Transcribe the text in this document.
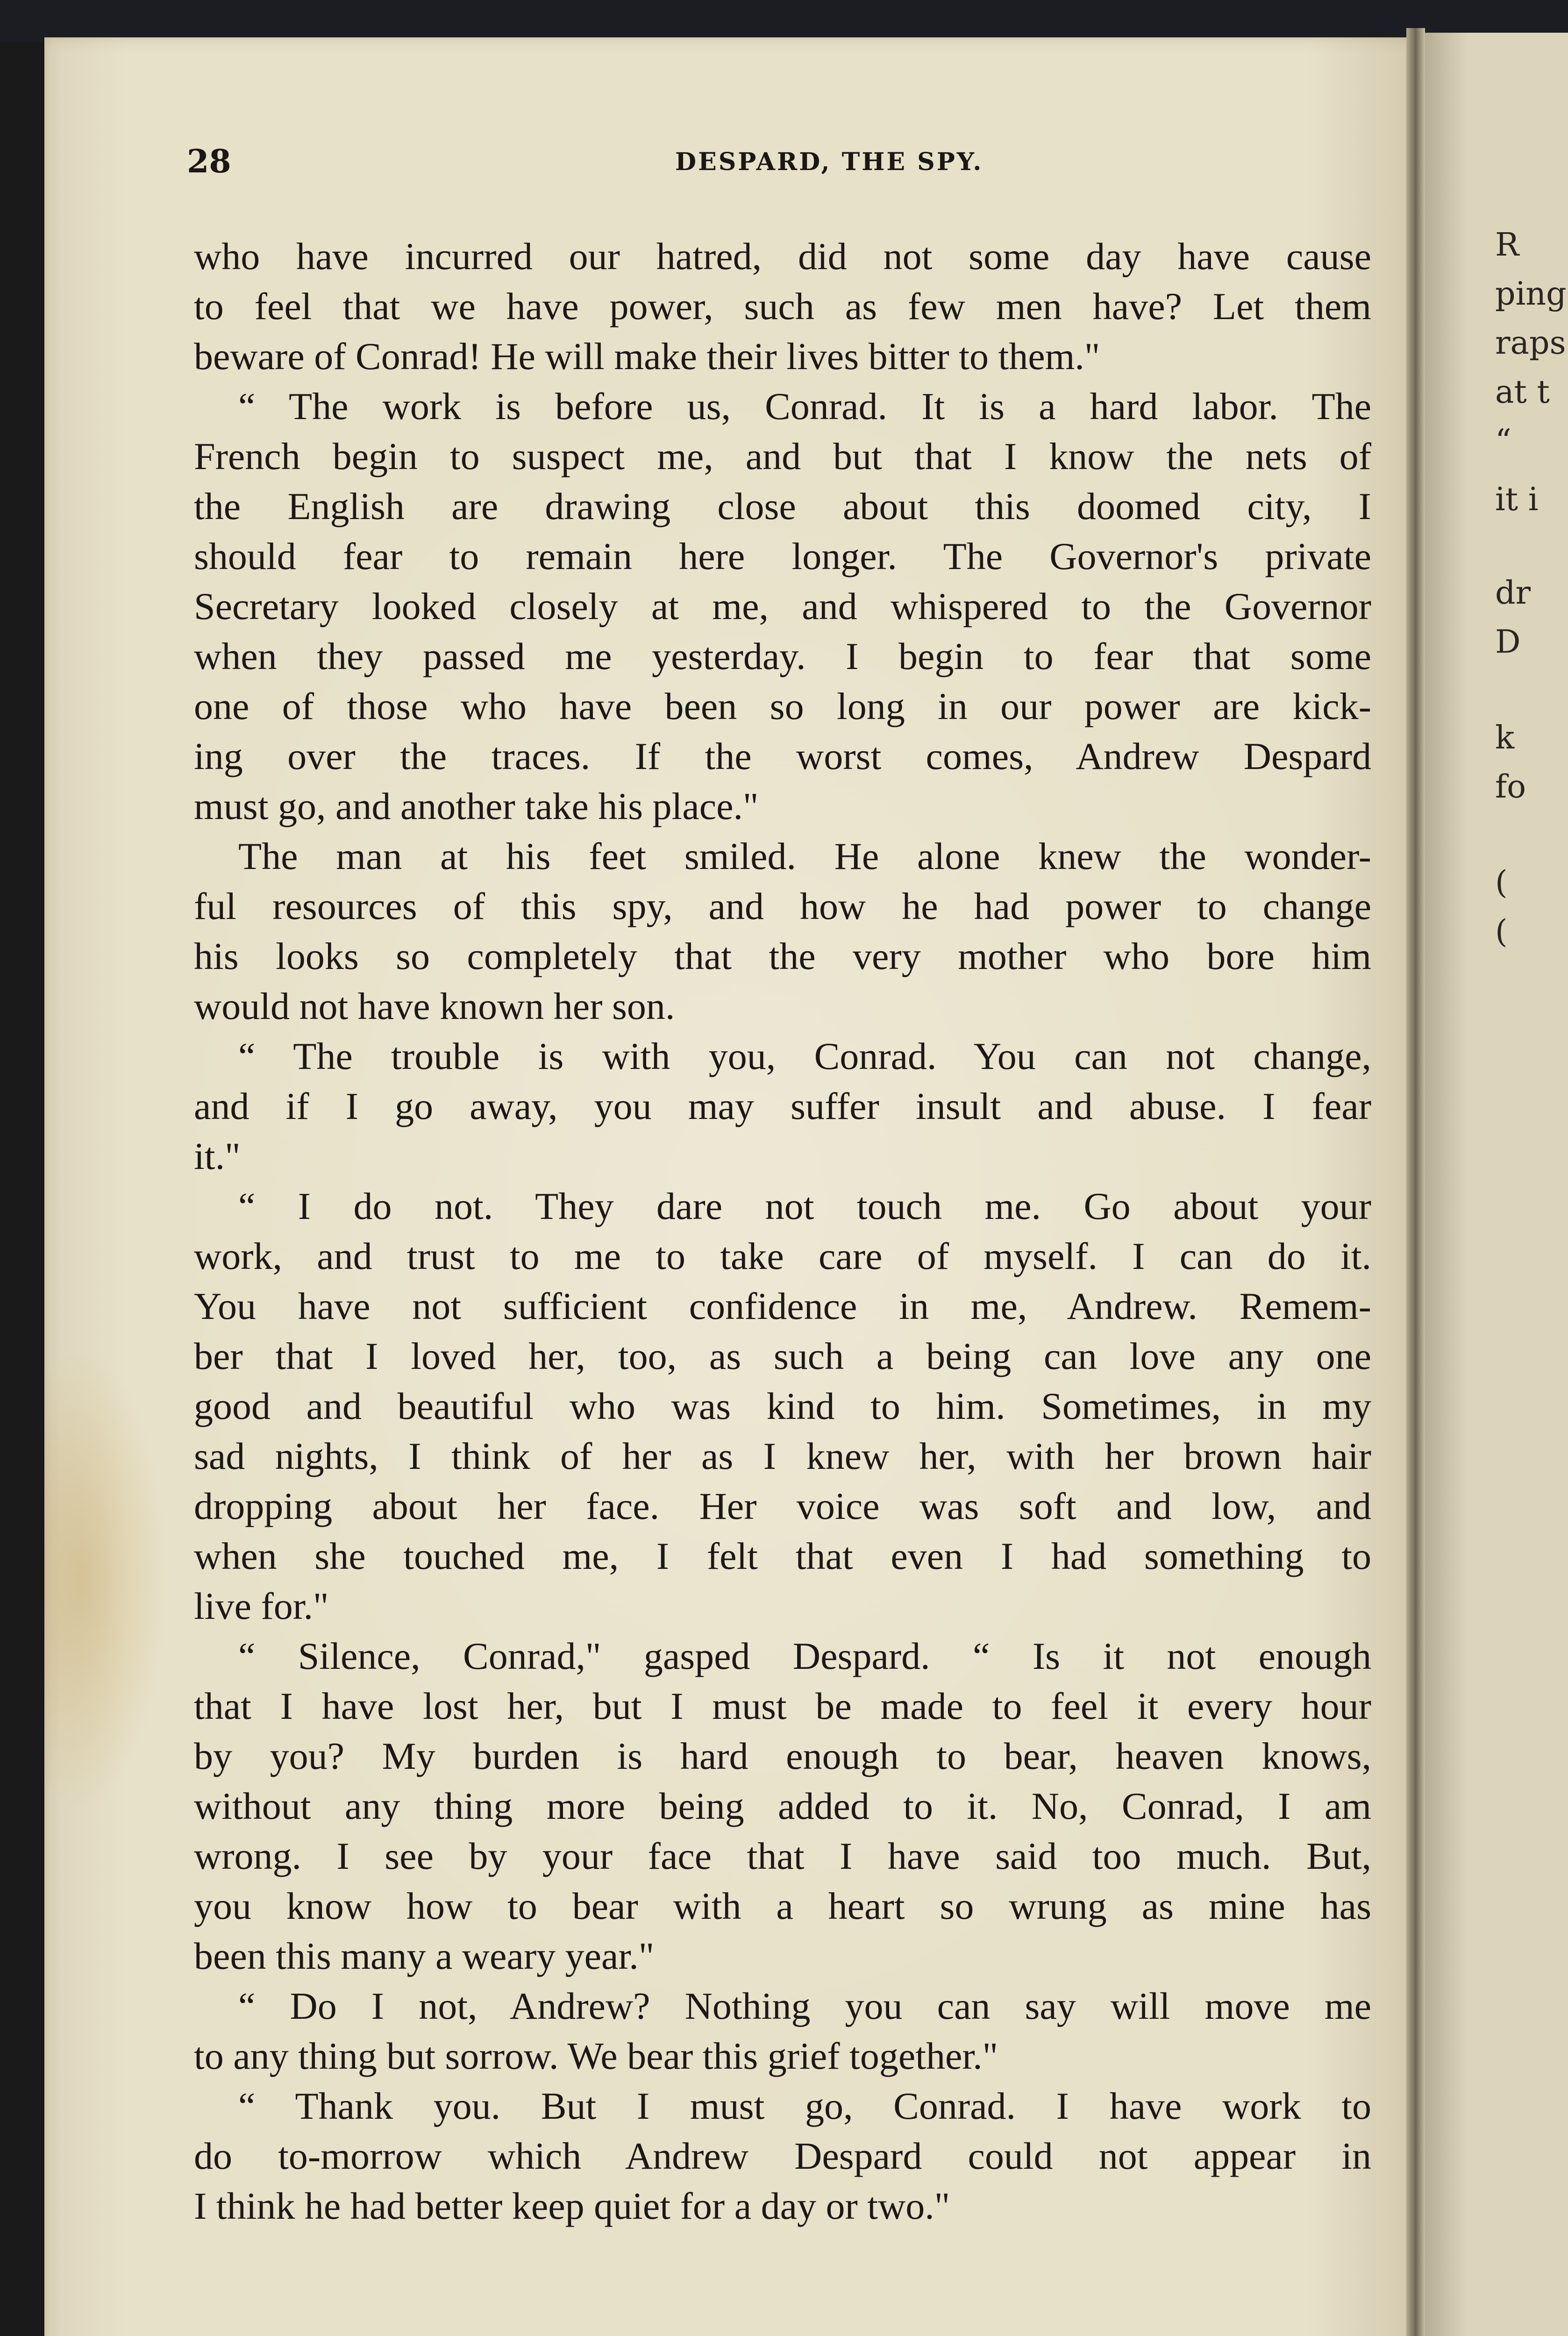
28	DESPARD, THE SPY.
who have incurred our hatred, did not some day have cause
to feel that we have power, such as few men have? Let them
beware of Conrad! He will make their lives bitter to them."
“ The work is before us, Conrad. It is a hard labor. The
French begin to suspect me, and but that I know the nets of
the English are drawing close about this doomed city, I
should fear to remain here longer. The Governor's private
Secretary looked closely at me, and whispered to the Governor
when they passed me yesterday. I begin to fear that some
one of those who have been so long in our power are kick-
ing over the traces. If the worst comes, Andrew Despard
must go, and another take his place."
The man at his feet smiled. He alone knew the wonder-
ful resources of this spy, and how he had power to change
his looks so completely that the very mother who bore him
would not have known her son.
“ The trouble is with you, Conrad. You can not change,
and if I go away, you may suffer insult and abuse. I fear
it."
“ I do not. They dare not touch me. Go about your
work, and trust to me to take care of myself. I can do it.
You have not sufficient confidence in me, Andrew. Remem-
ber that I loved her, too, as such a being can love any one
good and beautiful who was kind to him. Sometimes, in my
sad nights, I think of her as I knew her, with her brown hair
dropping about her face. Her voice was soft and low, and
when she touched me, I felt that even I had something to
live for."
“ Silence, Conrad," gasped Despard. “ Is it not enough
that I have lost her, but I must be made to feel it every hour
by you? My burden is hard enough to bear, heaven knows,
without any thing more being added to it. No, Conrad, I am
wrong. I see by your face that I have said too much. But,
you know how to bear with a heart so wrung as mine has
been this many a weary year."
“ Do I not, Andrew? Nothing you can say will move me
to any thing but sorrow. We bear this grief together."
“ Thank you. But I must go, Conrad. I have work to
do to-morrow which Andrew Despard could not appear in
I think he had better keep quiet for a day or two."
R
ping
raps
at t
“
it i
dr
D
k
fo
(
(
